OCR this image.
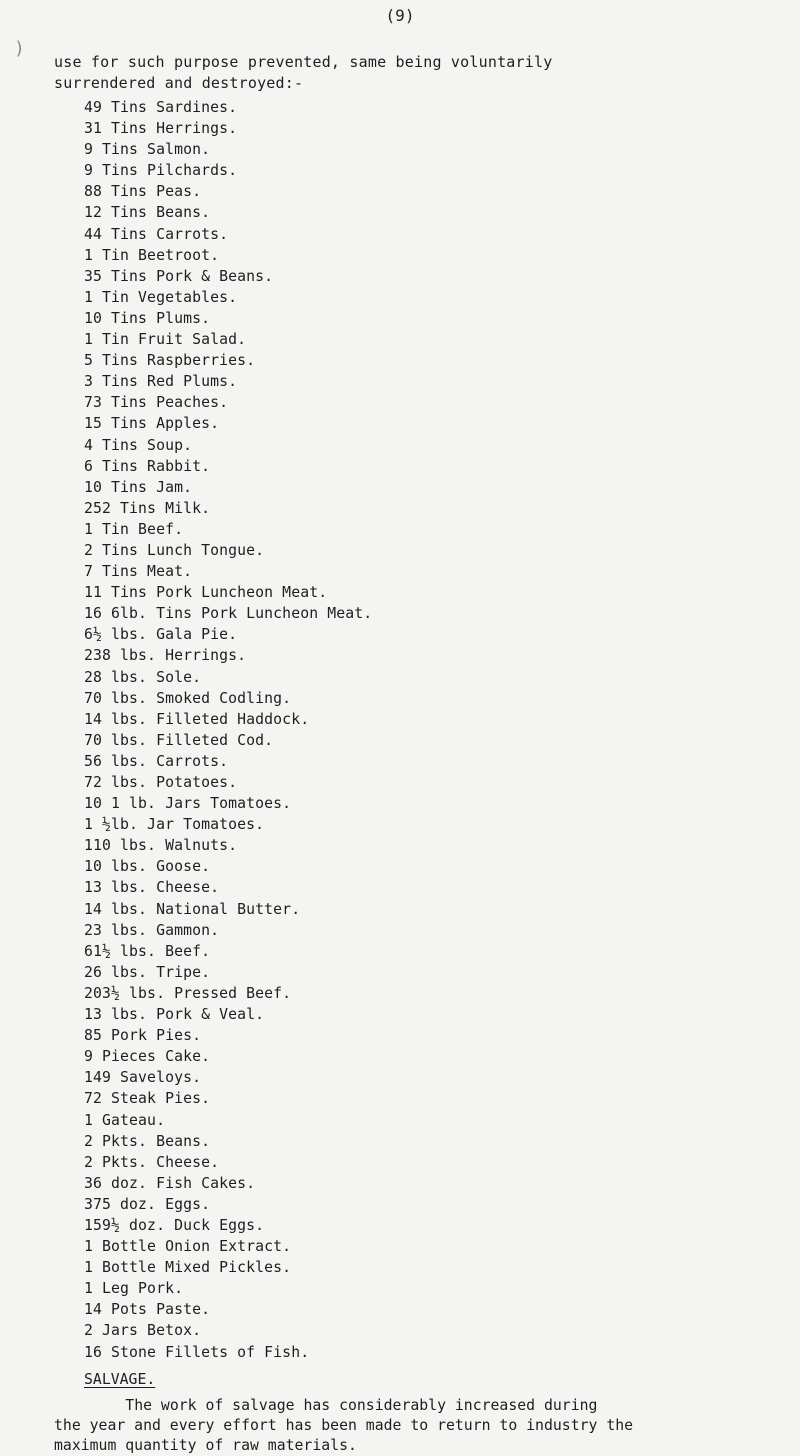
(9)
)
use for such purpose prevented, same being voluntarily
surrendered and destroyed:-
49 Tins Sardines.
31 Tins Herrings.
9 Tins Salmon.
9 Tins Pilchards.
88 Tins Peas.
12 Tins Beans.
44 Tins Carrots.
1 Tin Beetroot.
35 Tins Pork & Beans.
1 Tin Vegetables.
10 Tins Plums.
1 Tin Fruit Salad.
5 Tins Raspberries.
3 Tins Red Plums.
73 Tins Peaches.
15 Tins Apples.
4 Tins Soup.
6 Tins Rabbit.
10 Tins Jam.
252 Tins Milk.
1 Tin Beef.
2 Tins Lunch Tongue.
7 Tins Meat.
11 Tins Pork Luncheon Meat.
16 6lb. Tins Pork Luncheon Meat.
6½ lbs. Gala Pie.
238 lbs. Herrings.
28 lbs. Sole.
70 lbs. Smoked Codling.
14 lbs. Filleted Haddock.
70 lbs. Filleted Cod.
56 lbs. Carrots.
72 lbs. Potatoes.
10 1 lb. Jars Tomatoes.
1 ½lb. Jar Tomatoes.
110 lbs. Walnuts.
10 lbs. Goose.
13 lbs. Cheese.
14 lbs. National Butter.
23 lbs. Gammon.
61½ lbs. Beef.
26 lbs. Tripe.
203½ lbs. Pressed Beef.
13 lbs. Pork & Veal.
85 Pork Pies.
9 Pieces Cake.
149 Saveloys.
72 Steak Pies.
1 Gateau.
2 Pkts. Beans.
2 Pkts. Cheese.
36 doz. Fish Cakes.
375 doz. Eggs.
159½ doz. Duck Eggs.
1 Bottle Onion Extract.
1 Bottle Mixed Pickles.
1 Leg Pork.
14 Pots Paste.
2 Jars Betox.
16 Stone Fillets of Fish.
SALVAGE.
The work of salvage has considerably increased during
the year and every effort has been made to return to industry the
maximum quantity of raw materials.
